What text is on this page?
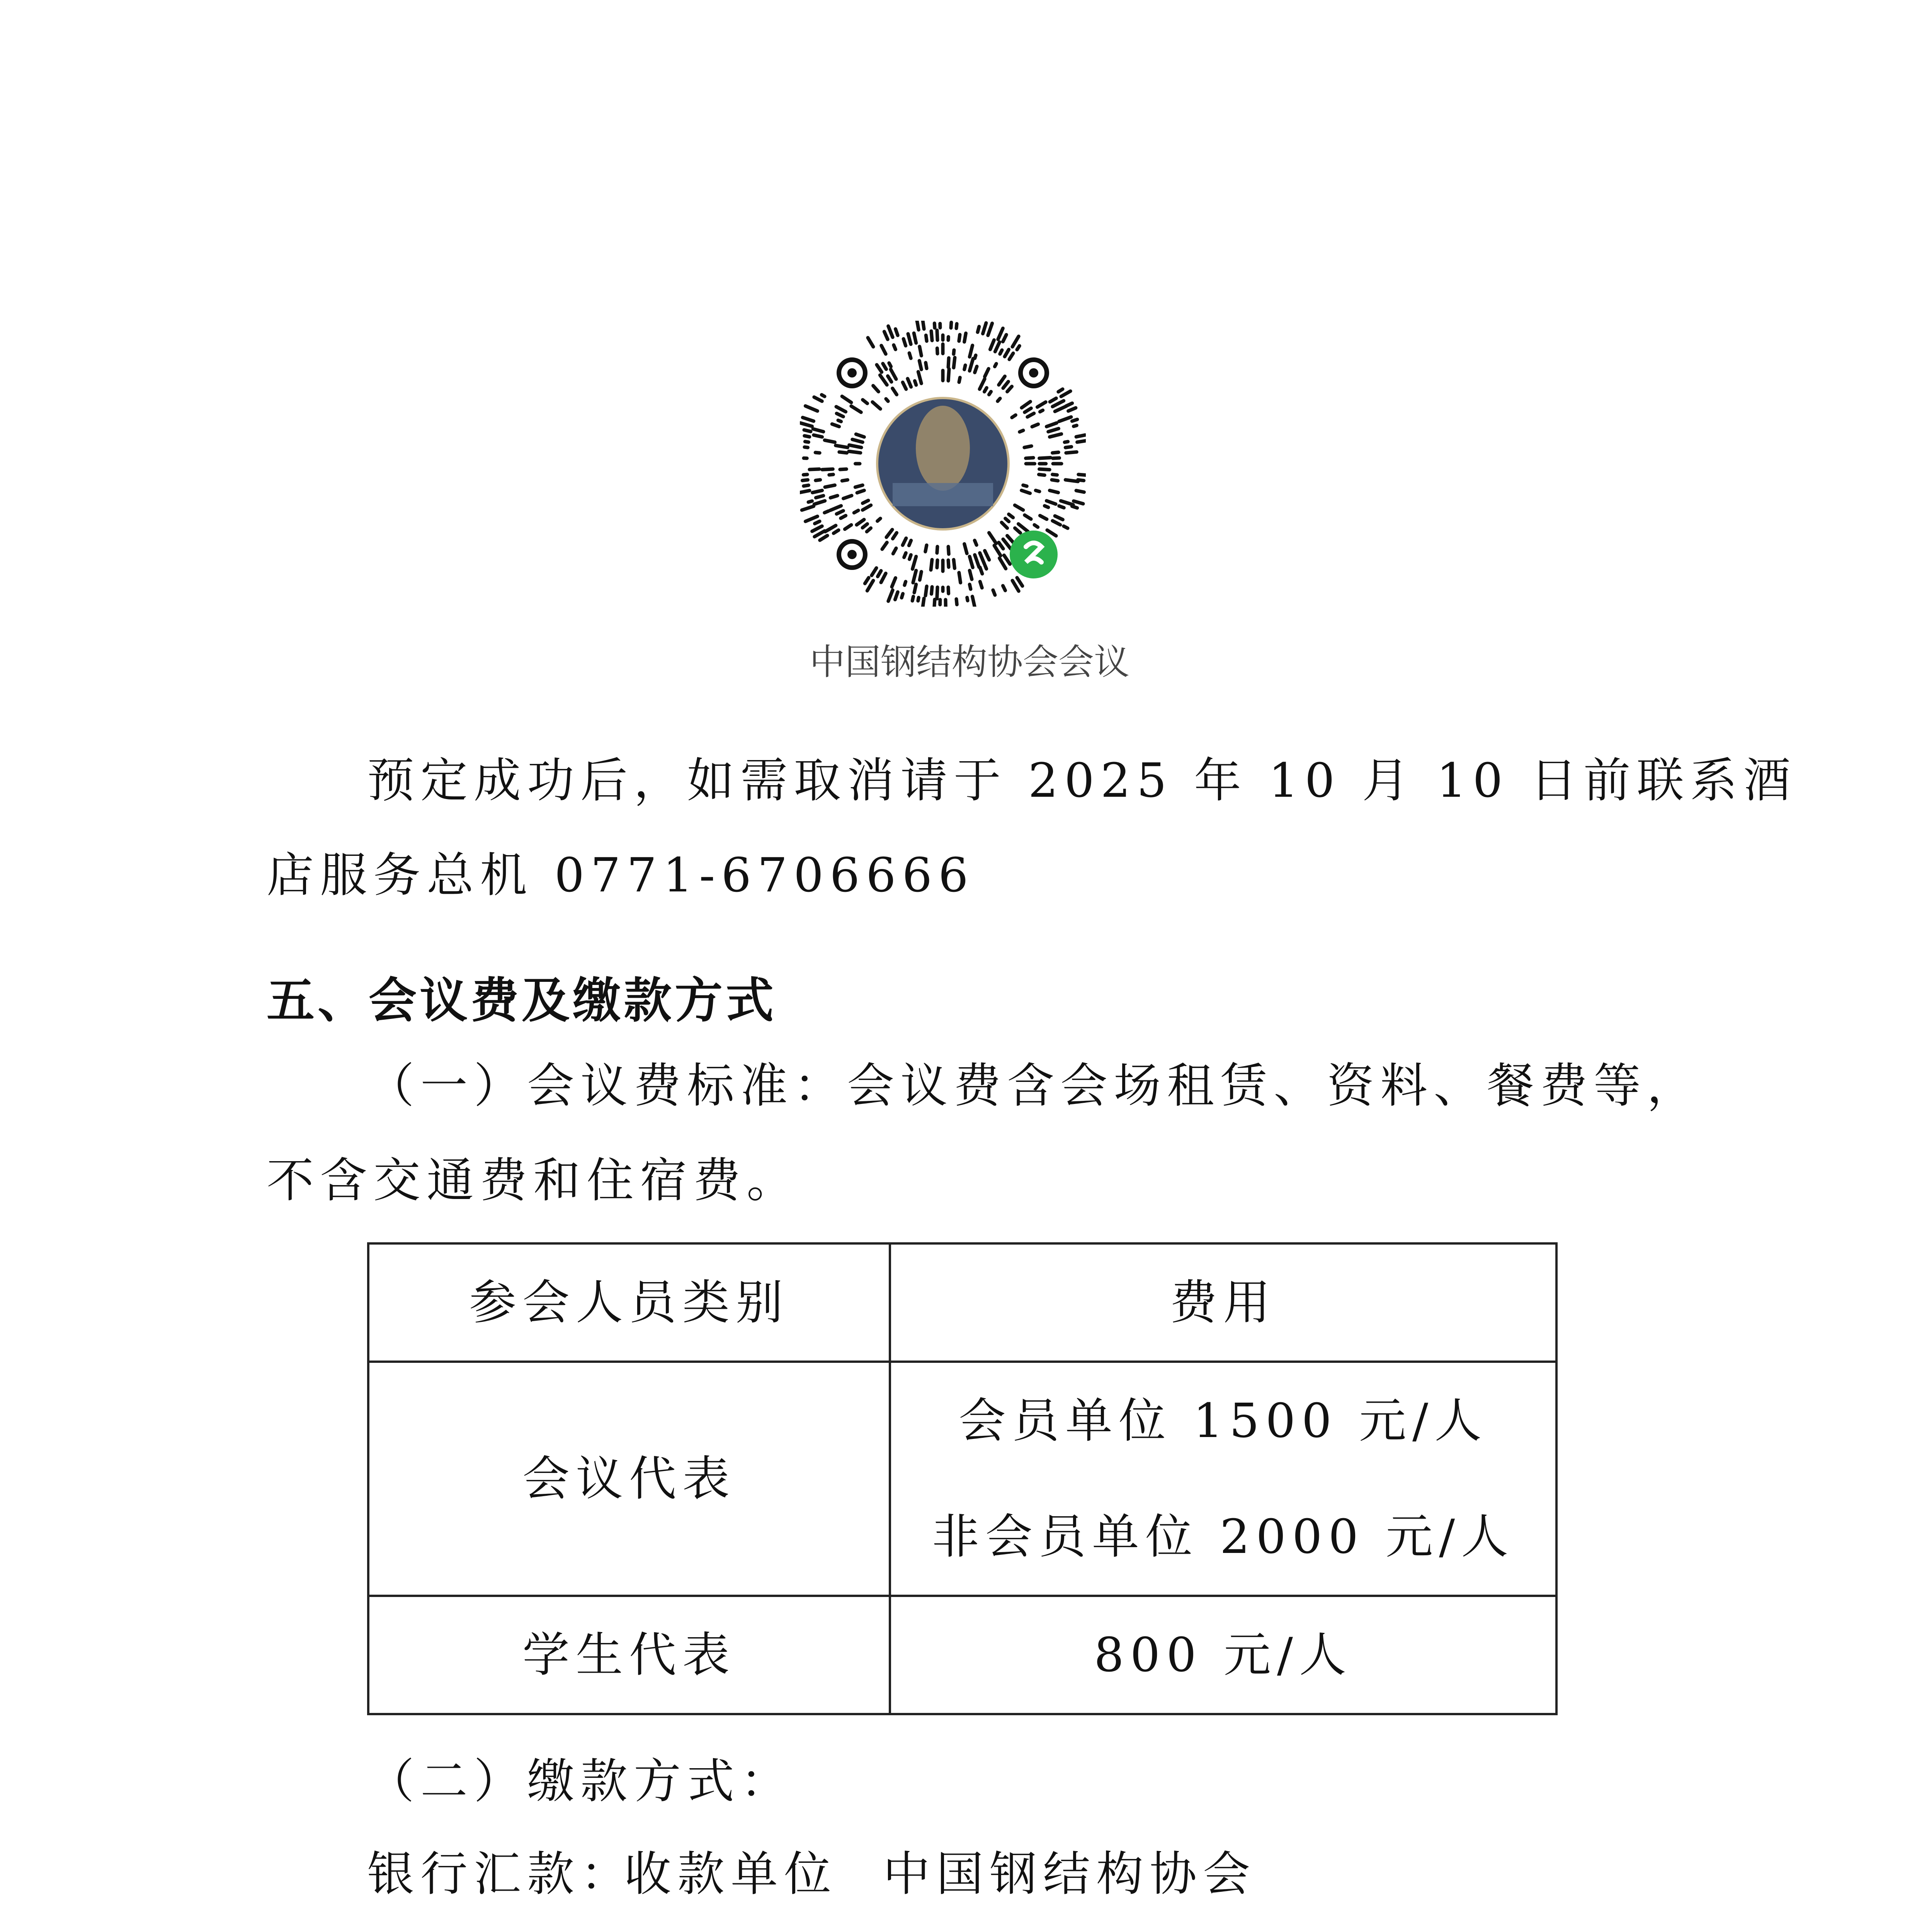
中国钢结构协会会议
预定成功后，如需取消请于 2025 年 10 月 10 日前联系酒
店服务总机 0771-6706666
五、会议费及缴款方式
（一）会议费标准：会议费含会场租赁、资料、餐费等，
不含交通费和住宿费。
参会人员类别	费用

会议代表	会员单位 1500 元/人
非会员单位 2000 元/人

学生代表	800 元/人
（二）缴款方式：
银行汇款：
收款单位 中国钢结构协会
